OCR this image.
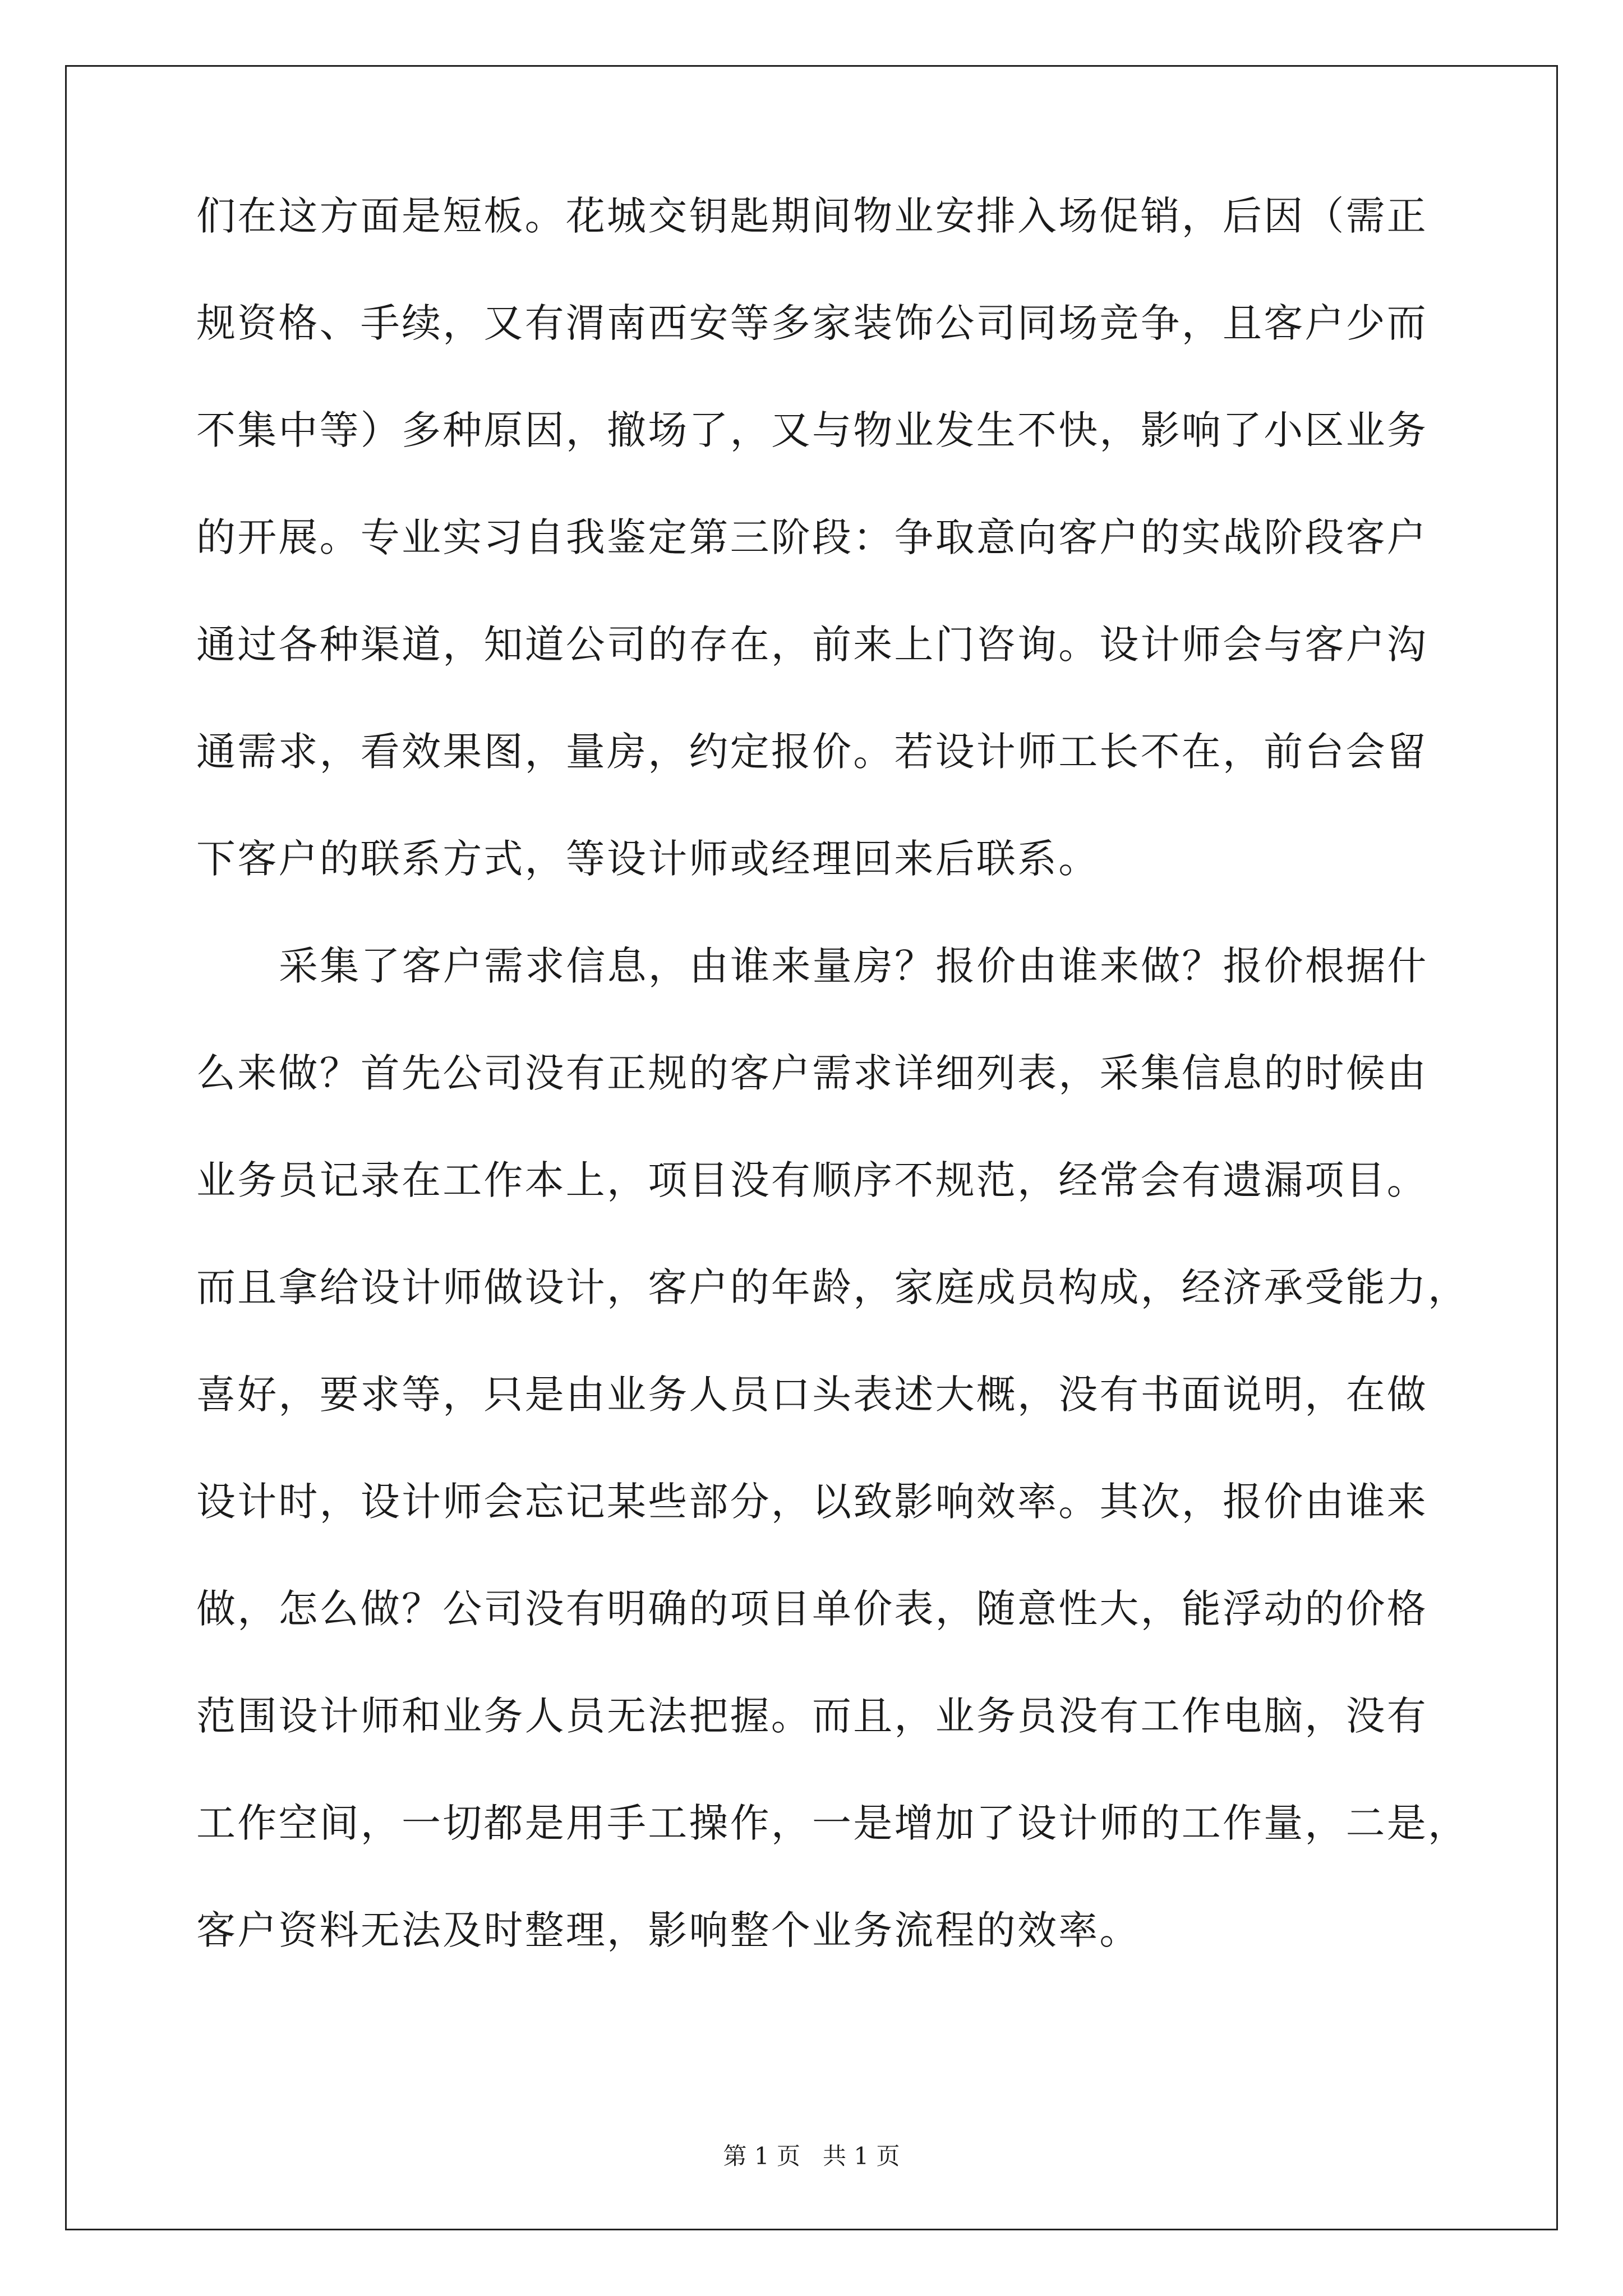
们在这方面是短板。花城交钥匙期间物业安排入场促销，后因（需正
规资格、手续，又有渭南西安等多家装饰公司同场竞争，且客户少而
不集中等）多种原因，撤场了，又与物业发生不快，影响了小区业务
的开展。专业实习自我鉴定第三阶段：争取意向客户的实战阶段客户
通过各种渠道，知道公司的存在，前来上门咨询。设计师会与客户沟
通需求，看效果图，量房，约定报价。若设计师工长不在，前台会留
下客户的联系方式，等设计师或经理回来后联系。
采集了客户需求信息，由谁来量房？报价由谁来做？报价根据什
么来做？首先公司没有正规的客户需求详细列表，采集信息的时候由
业务员记录在工作本上，项目没有顺序不规范，经常会有遗漏项目。
而且拿给设计师做设计，客户的年龄，家庭成员构成，经济承受能力，
喜好，要求等，只是由业务人员口头表述大概，没有书面说明，在做
设计时，设计师会忘记某些部分，以致影响效率。其次，报价由谁来
做，怎么做？公司没有明确的项目单价表，随意性大，能浮动的价格
范围设计师和业务人员无法把握。而且，业务员没有工作电脑，没有
工作空间，一切都是用手工操作，一是增加了设计师的工作量，二是，
客户资料无法及时整理，影响整个业务流程的效率。
第 1 页   共 1 页
